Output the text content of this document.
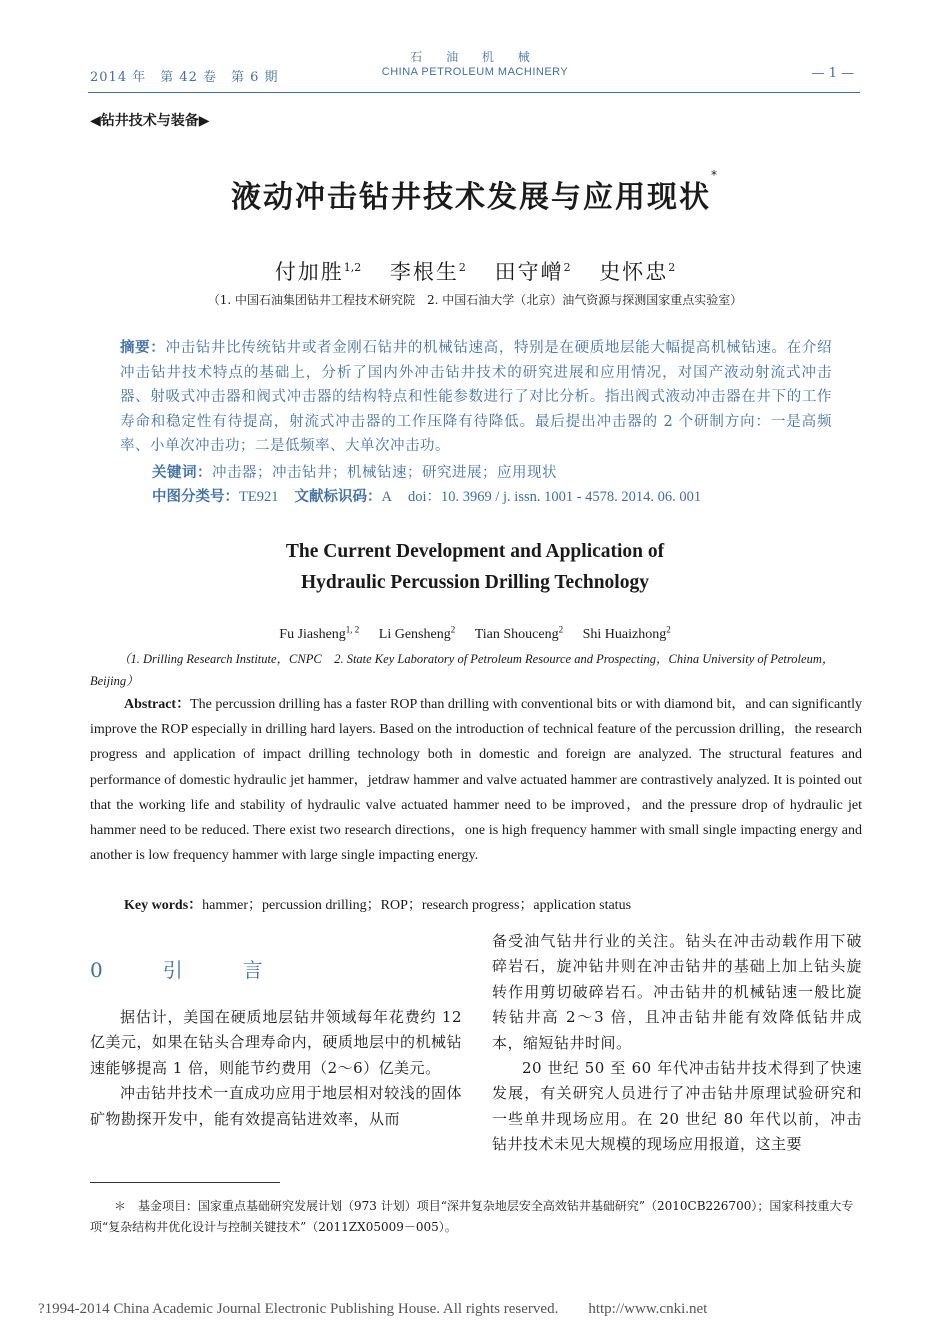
2014 年　第 42 卷　第 6 期
石 油 机 械
CHINA PETROLEUM MACHINERY	— 1 —
◀钻井技术与装备▶
液动冲击钻井技术发展与应用现状*
付加胜$^{1,2}$ 李根生$^2$ 田守嶒$^2$ 史怀忠$^2$
（1. 中国石油集团钻井工程技术研究院　2. 中国石油大学（北京）油气资源与探测国家重点实验室）
摘要：冲击钻井比传统钻井或者金刚石钻井的机械钻速高，特别是在硬质地层能大幅提高机械钻速。在介绍冲击钻井技术特点的基础上，分析了国内外冲击钻井技术的研究进展和应用情况，对国产液动射流式冲击器、射吸式冲击器和阀式冲击器的结构特点和性能参数进行了对比分析。指出阀式液动冲击器在井下的工作寿命和稳定性有待提高，射流式冲击器的工作压降有待降低。最后提出冲击器的 2 个研制方向：一是高频率、小单次冲击功；二是低频率、大单次冲击功。
关键词：冲击器；冲击钻井；机械钻速；研究进展；应用现状
中图分类号：TE921 文献标识码：A doi：10. 3969 / j. issn. 1001 - 4578. 2014. 06. 001
The Current Development and Application of
Hydraulic Percussion Drilling Technology
Fu Jiasheng$^{1, 2}$ Li Gensheng$^2$ Tian Shouceng$^2$ Shi Huaizhong$^2$
（1. Drilling Research Institute，CNPC　2. State Key Laboratory of Petroleum Resource and Prospecting，China University of Petroleum，Beijing）
Abstract：The percussion drilling has a faster ROP than drilling with conventional bits or with diamond bit，and can significantly improve the ROP especially in drilling hard layers. Based on the introduction of technical feature of the percussion drilling，the research progress and application of impact drilling technology both in domestic and foreign are analyzed. The structural features and performance of domestic hydraulic jet hammer，jetdraw hammer and valve actuated hammer are contrastively analyzed. It is pointed out that the working life and stability of hydraulic valve actuated hammer need to be improved，and the pressure drop of hydraulic jet hammer need to be reduced. There exist two research directions，one is high frequency hammer with small single impacting energy and another is low frequency hammer with large single impacting energy.
Key words：hammer；percussion drilling；ROP；research progress；application status
0　引　言

据估计，美国在硬质地层钻井领域每年花费约 12 亿美元，如果在钻头合理寿命内，硬质地层中的机械钻速能够提高 1 倍，则能节约费用（2～6）亿美元。

冲击钻井技术一直成功应用于地层相对较浅的固体矿物勘探开发中，能有效提高钻进效率，从而

备受油气钻井行业的关注。钻头在冲击动载作用下破碎岩石，旋冲钻井则在冲击钻井的基础上加上钻头旋转作用剪切破碎岩石。冲击钻井的机械钻速一般比旋转钻井高 2～3 倍，且冲击钻井能有效降低钻井成本，缩短钻井时间。

20 世纪 50 至 60 年代冲击钻井技术得到了快速发展，有关研究人员进行了冲击钻井原理试验研究和一些单井现场应用。在 20 世纪 80 年代以前，冲击钻井技术未见大规模的现场应用报道，这主要

＊　基金项目：国家重点基础研究发展计划（973 计划）项目“深井复杂地层安全高效钻井基础研究”（2010CB226700）；国家科技重大专项“复杂结构井优化设计与控制关键技术”（2011ZX05009－005）。
?1994-2014 China Academic Journal Electronic Publishing House. All rights reserved.　　http://www.cnki.net
